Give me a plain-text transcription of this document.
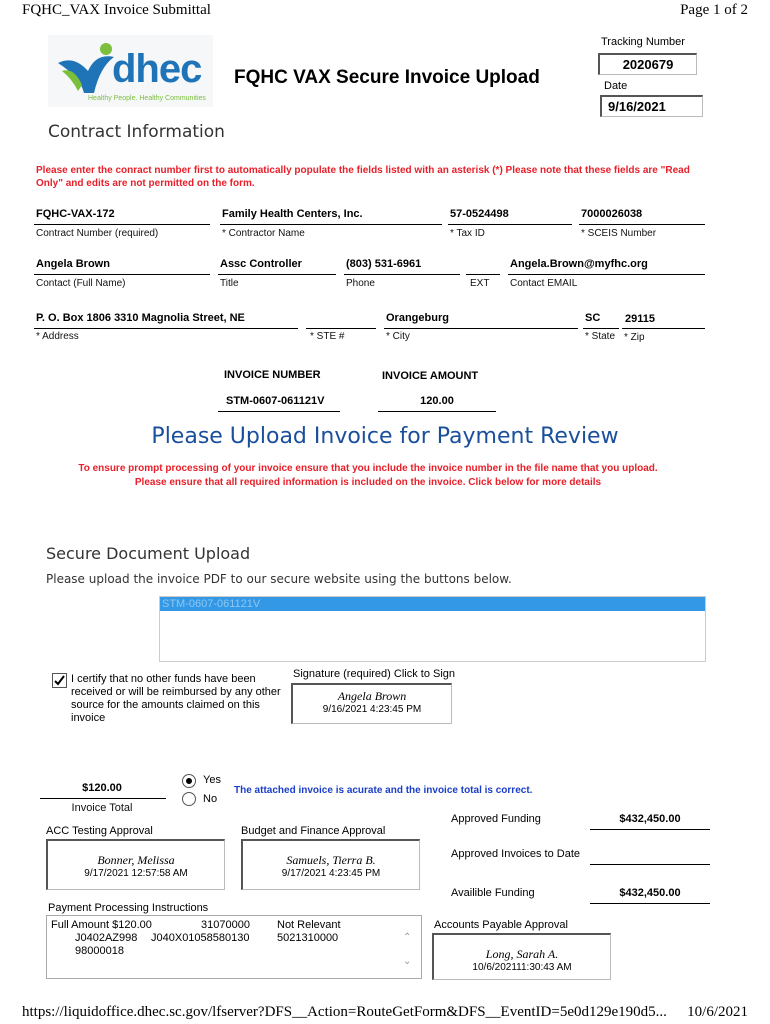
FQHC_VAX Invoice Submittal	Page 1 of 2
dhec
Healthy People. Healthy Communities
FQHC VAX Secure Invoice Upload
Tracking Number
2020679
Date
9/16/2021
Contract Information
Please enter the conract number first to automatically populate the fields listed with an asterisk (*) Please note that these fields are "Read Only" and edits are not permitted on the form.
FQHC-VAX-172
Contract Number (required)
Family Health Centers, Inc.
* Contractor Name
57-0524498
* Tax ID
7000026038
* SCEIS Number
Angela Brown
Contact (Full Name)
Assc Controller
Title
(803) 531-6961
Phone	EXT
Angela.Brown@myfhc.org
Contact EMAIL
P. O. Box 1806 3310 Magnolia Street, NE
* Address	* STE #
Orangeburg
* City
SC
* State
29115
* Zip
INVOICE NUMBER	INVOICE AMOUNT
STM-0607-061121V	120.00
Please Upload Invoice for Payment Review
To ensure prompt processing of your invoice ensure that you include the invoice number in the file name that you upload.
Please ensure that all required information is included on the invoice. Click below for more details
Secure Document Upload
Please upload the invoice PDF to our secure website using the buttons below.
STM-0607-061121V
I certify that no other funds have been received or will be reimbursed by any other source for the amounts claimed on this invoice
Signature (required) Click to Sign
Angela Brown
9/16/2021 4:23:45 PM
$120.00
Invoice Total
Yes
No
The attached invoice is acurate and the invoice total is correct.
ACC Testing Approval
Bonner, Melissa
9/17/2021 12:57:58 AM
Budget and Finance Approval
Samuels, Tierra B.
9/17/2021 4:23:45 PM
Approved Funding	$432,450.00
Approved Invoices to Date
Availible Funding	$432,450.00
Payment Processing Instructions
Full Amount $120.00	31070000 Not Relevant
J0402AZ998 J040X01058580130	5021310000
98000018
⌃
⌄
Accounts Payable Approval
Long, Sarah A.
10/6/202111:30:43 AM
https://liquidoffice.dhec.sc.gov/lfserver?DFS__Action=RouteGetForm&DFS__EventID=5e0d129e190d5... 10/6/2021
